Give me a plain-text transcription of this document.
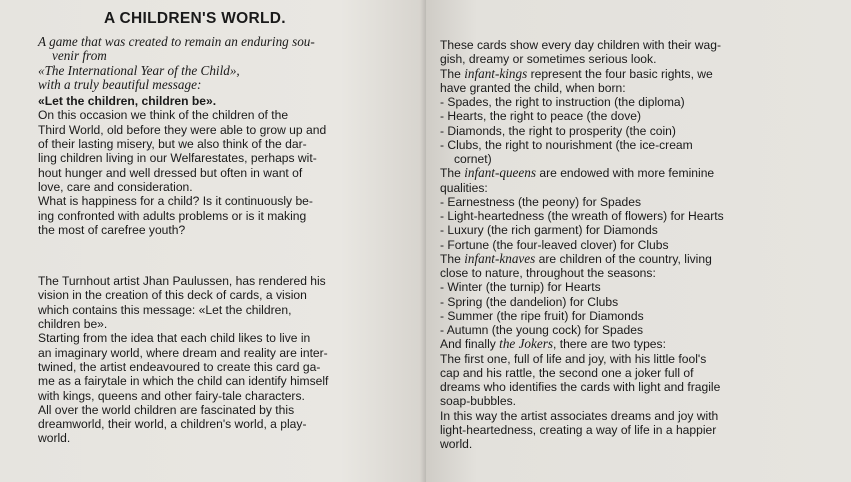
A CHILDREN'S WORLD.
A game that was created to remain an enduring sou-
venir from
«The International Year of the Child»,
with a truly beautiful message:
«Let the children, children be».
On this occasion we think of the children of the
Third World, old before they were able to grow up and
of their lasting misery, but we also think of the dar-
ling children living in our Welfarestates, perhaps wit-
hout hunger and well dressed but often in want of
love, care and consideration.
What is happiness for a child? Is it continuously be-
ing confronted with adults problems or is it making
the most of carefree youth?
The Turnhout artist Jhan Paulussen, has rendered his
vision in the creation of this deck of cards, a vision
which contains this message: «Let the children,
children be».
Starting from the idea that each child likes to live in
an imaginary world, where dream and reality are inter-
twined, the artist endeavoured to create this card ga-
me as a fairytale in which the child can identify himself
with kings, queens and other fairy-tale characters.
All over the world children are fascinated by this
dreamworld, their world, a children's world, a play-
world.
These cards show every day children with their wag-
gish, dreamy or sometimes serious look.
The infant-kings represent the four basic rights, we
have granted the child, when born:
- Spades, the right to instruction (the diploma)
- Hearts, the right to peace (the dove)
- Diamonds, the right to prosperity (the coin)
- Clubs, the right to nourishment (the ice-cream
cornet)
The infant-queens are endowed with more feminine
qualities:
- Earnestness (the peony) for Spades
- Light-heartedness (the wreath of flowers) for Hearts
- Luxury (the rich garment) for Diamonds
- Fortune (the four-leaved clover) for Clubs
The infant-knaves are children of the country, living
close to nature, throughout the seasons:
- Winter (the turnip) for Hearts
- Spring (the dandelion) for Clubs
- Summer (the ripe fruit) for Diamonds
- Autumn (the young cock) for Spades
And finally the Jokers, there are two types:
The first one, full of life and joy, with his little fool's
cap and his rattle, the second one a joker full of
dreams who identifies the cards with light and fragile
soap-bubbles.
In this way the artist associates dreams and joy with
light-heartedness, creating a way of life in a happier
world.
